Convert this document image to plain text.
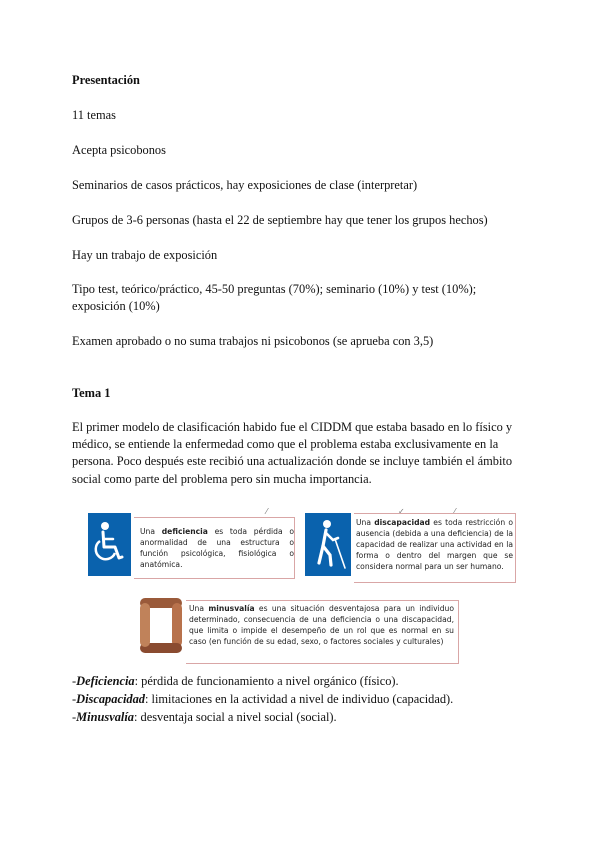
Presentación
11 temas
Acepta psicobonos
Seminarios de casos prácticos, hay exposiciones de clase (interpretar)
Grupos de 3-6 personas (hasta el 22 de septiembre hay que tener los grupos hechos)
Hay un trabajo de exposición
Tipo test, teórico/práctico, 45-50 preguntas (70%); seminario (10%) y test (10%);
exposición (10%)
Examen aprobado o no suma trabajos ni psicobonos (se aprueba con 3,5)
Tema 1
El primer modelo de clasificación habido fue el CIDDM que estaba basado en lo físico y médico, se entiende la enfermedad como que el problema estaba exclusivamente en la persona. Poco después este recibió una actualización donde se incluye también el ámbito social como parte del problema pero sin mucha importancia.
⁄	✓	⁄
Una deficiencia es toda pérdida o anormalidad de una estructura o función psicológica, fisiológica o anatómica.
Una discapacidad es toda restricción o ausencia (debida a una deficiencia) de la capacidad de realizar una actividad en la forma o dentro del margen que se considera normal para un ser humano.
Una minusvalía es una situación desventajosa para un individuo determinado, consecuencia de una deficiencia o una discapacidad, que limita o impide el desempeño de un rol que es normal en su caso (en función de su edad, sexo, o factores sociales y culturales)
-Deficiencia: pérdida de funcionamiento a nivel orgánico (físico).
-Discapacidad: limitaciones en la actividad a nivel de individuo (capacidad).
-Minusvalía: desventaja social a nivel social (social).
